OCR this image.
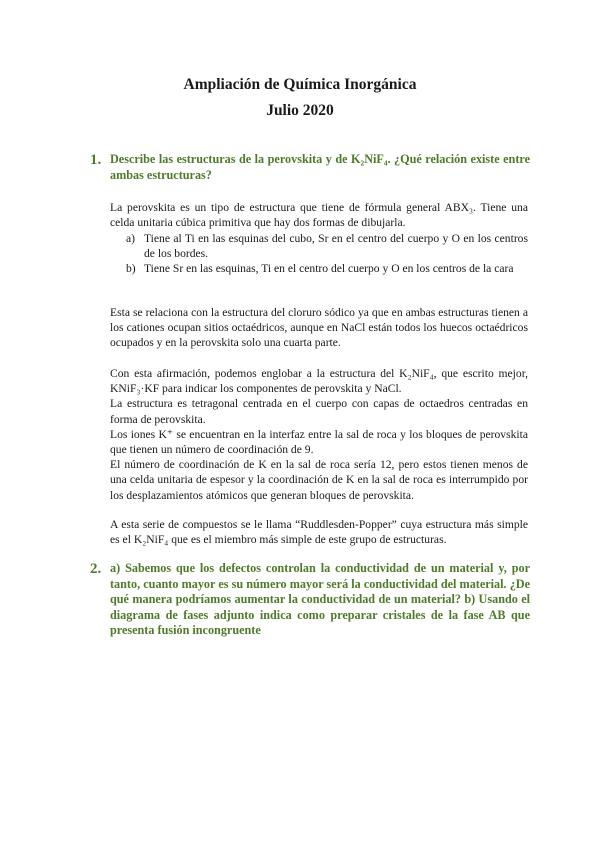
Ampliación de Química Inorgánica
Julio 2020
1. Describe las estructuras de la perovskita y de K₂NiF₄. ¿Qué relación existe entre ambas estructuras?

La perovskita es un tipo de estructura que tiene de fórmula general ABX₃. Tiene una celda unitaria cúbica primitiva que hay dos formas de dibujarla.

a) Tiene al Ti en las esquinas del cubo, Sr en el centro del cuerpo y O en los centros de los bordes.

b) Tiene Sr en las esquinas, Ti en el centro del cuerpo y O en los centros de la cara

Esta se relaciona con la estructura del cloruro sódico ya que en ambas estructuras tienen a los cationes ocupan sitios octaédricos, aunque en NaCl están todos los huecos octaédricos ocupados y en la perovskita solo una cuarta parte.

Con esta afirmación, podemos englobar a la estructura del K₂NiF₄, que escrito mejor, KNiF₃·KF para indicar los componentes de perovskita y NaCl.

La estructura es tetragonal centrada en el cuerpo con capas de octaedros centradas en forma de perovskita.

Los iones K⁺ se encuentran en la interfaz entre la sal de roca y los bloques de perovskita que tienen un número de coordinación de 9.

El número de coordinación de K en la sal de roca sería 12, pero estos tienen menos de una celda unitaria de espesor y la coordinación de K en la sal de roca es interrumpido por los desplazamientos atómicos que generan bloques de perovskita.

A esta serie de compuestos se le llama “Ruddlesden-Popper” cuya estructura más simple es el K₂NiF₄ que es el miembro más simple de este grupo de estructuras.

2. a) Sabemos que los defectos controlan la conductividad de un material y, por tanto, cuanto mayor es su número mayor será la conductividad del material. ¿De qué manera podríamos aumentar la conductividad de un material? b) Usando el diagrama de fases adjunto indica como preparar cristales de la fase AB que presenta fusión incongruente
